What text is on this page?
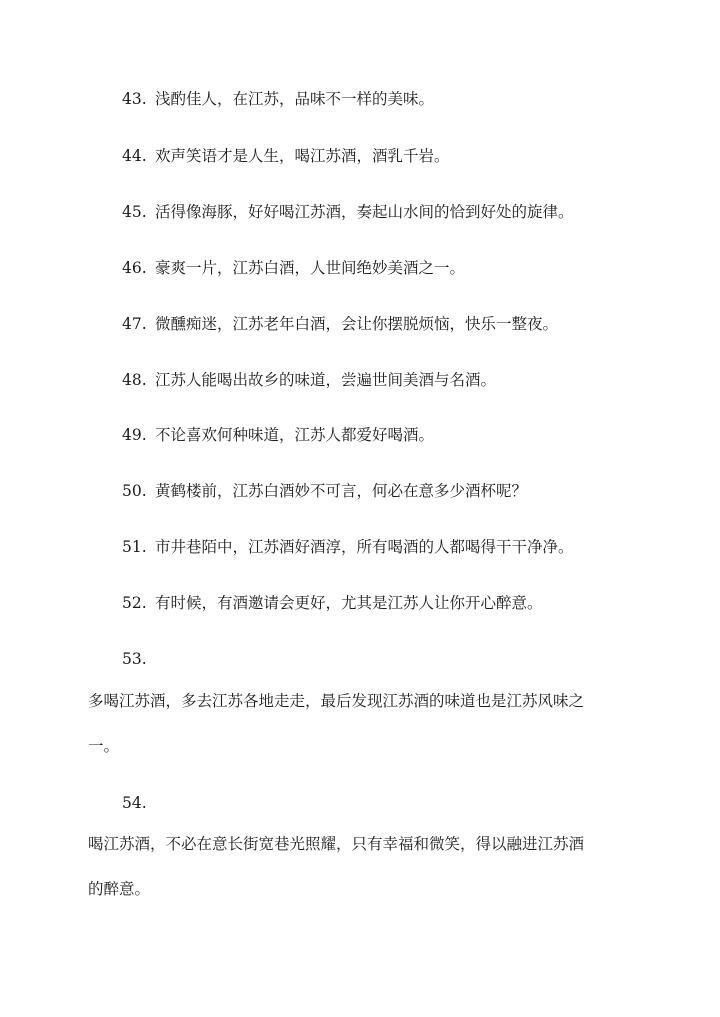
43. 浅酌佳人，在江苏，品味不一样的美味。
44. 欢声笑语才是人生，喝江苏酒，酒乳千岩。
45. 活得像海豚，好好喝江苏酒，奏起山水间的恰到好处的旋律。
46. 豪爽一片，江苏白酒，人世间绝妙美酒之一。
47. 微醺痴迷，江苏老年白酒，会让你摆脱烦恼，快乐一整夜。
48. 江苏人能喝出故乡的味道，尝遍世间美酒与名酒。
49. 不论喜欢何种味道，江苏人都爱好喝酒。
50. 黄鹤楼前，江苏白酒妙不可言，何必在意多少酒杯呢？
51. 市井巷陌中，江苏酒好酒淳，所有喝酒的人都喝得干干净净。
52. 有时候，有酒邀请会更好，尤其是江苏人让你开心醉意。
53.
多喝江苏酒，多去江苏各地走走，最后发现江苏酒的味道也是江苏风味之
一。
54.
喝江苏酒，不必在意长街宽巷光照耀，只有幸福和微笑，得以融进江苏酒
的醉意。
